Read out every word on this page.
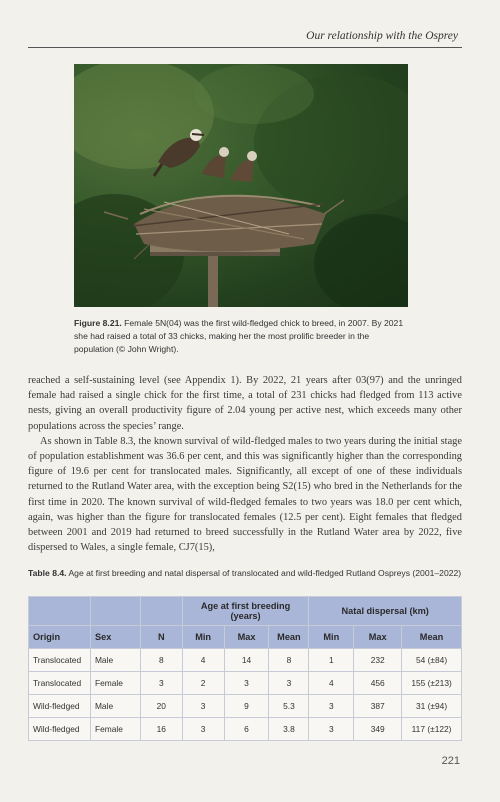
Our relationship with the Osprey
Figure 8.21. Female 5N(04) was the first wild-fledged chick to breed, in 2007. By 2021 she had raised a total of 33 chicks, making her the most prolific breeder in the population (© John Wright).

reached a self-sustaining level (see Appendix 1). By 2022, 21 years after 03(97) and the unringed female had raised a single chick for the first time, a total of 231 chicks had fledged from 113 active nests, giving an overall productivity figure of 2.04 young per active nest, which exceeds many other populations across the species’ range.

As shown in Table 8.3, the known survival of wild-fledged males to two years during the initial stage of population establishment was 36.6 per cent, and this was significantly higher than the corresponding figure of 19.6 per cent for translocated males. Significantly, all except of one of these individuals returned to the Rutland Water area, with the exception being S2(15) who bred in the Netherlands for the first time in 2020. The known survival of wild-fledged females to two years was 18.0 per cent which, again, was higher than the figure for translocated females (12.5 per cent). Eight females that fledged between 2001 and 2019 had returned to breed successfully in the Rutland Water area by 2022, five dispersed to Wales, a single female, CJ7(15),

Table 8.4. Age at first breeding and natal dispersal of translocated and wild-fledged Rutland Ospreys (2001–2022)
			Age at first breeding (years)			Natal dispersal (km)		
Origin	Sex	N	Min	Max	Mean	Min	Max	Mean
Translocated	Male	8	4	14	8	1	232	54 (±84)
Translocated	Female	3	2	3	3	4	456	155 (±213)
Wild-fledged	Male	20	3	9	5.3	3	387	31 (±94)
Wild-fledged	Female	16	3	6	3.8	3	349	117 (±122)
221
